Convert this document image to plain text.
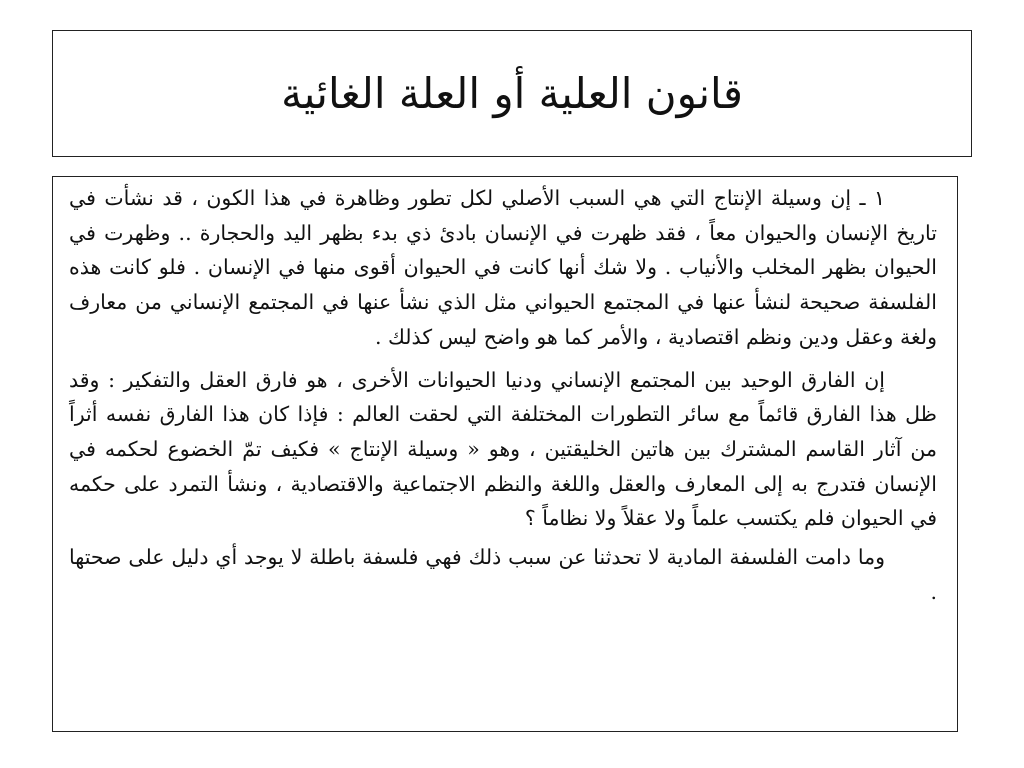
قانون العلية أو العلة الغائية

١ ـ إن وسيلة الإنتاج التي هي السبب الأصلي لكل تطور وظاهرة في هذا الكون ، قد نشأت في تاريخ الإنسان والحيوان معاً ، فقد ظهرت في الإنسان بادئ ذي بدء بظهر اليد والحجارة .. وظهرت في الحيوان بظهر المخلب والأنياب . ولا شك أنها كانت في الحيوان أقوى منها في الإنسان . فلو كانت هذه الفلسفة صحيحة لنشأ عنها في المجتمع الحيواني مثل الذي نشأ عنها في المجتمع الإنساني من معارف ولغة وعقل ودين ونظم اقتصادية ، والأمر كما هو واضح ليس كذلك .

إن الفارق الوحيد بين المجتمع الإنساني ودنيا الحيوانات الأخرى ، هو فارق العقل والتفكير : وقد ظل هذا الفارق قائماً مع سائر التطورات المختلفة التي لحقت العالم : فإذا كان هذا الفارق نفسه أثراً من آثار القاسم المشترك بين هاتين الخليقتين ، وهو « وسيلة الإنتاج » فكيف تمّ الخضوع لحكمه في الإنسان فتدرج به إلى المعارف والعقل واللغة والنظم الاجتماعية والاقتصادية ، ونشأ التمرد على حكمه في الحيوان فلم يكتسب علماً ولا عقلاً ولا نظاماً ؟

وما دامت الفلسفة المادية لا تحدثنا عن سبب ذلك فهي فلسفة باطلة لا يوجد أي دليل على صحتها .
